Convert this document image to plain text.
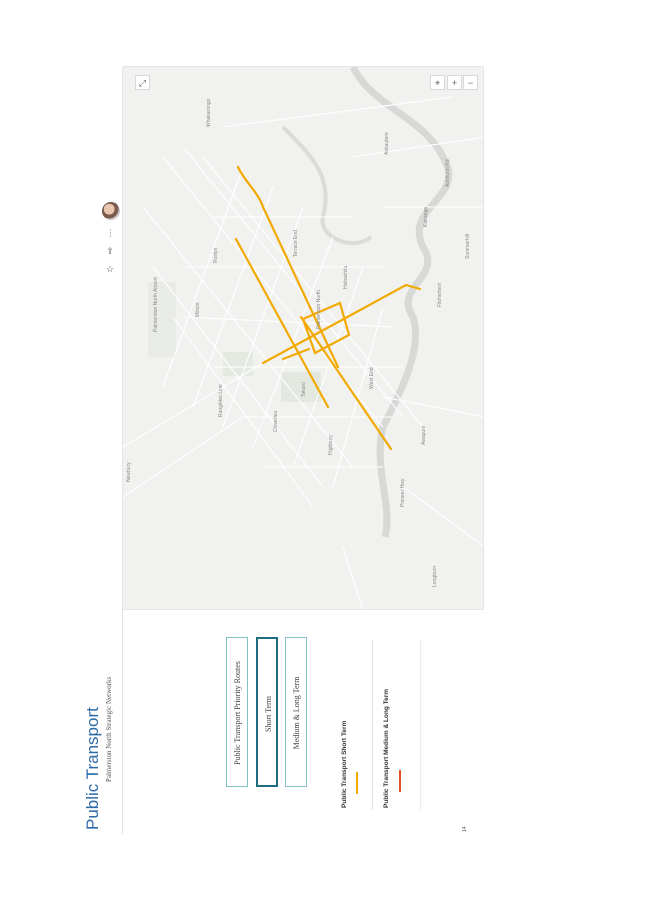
Public Transport Palmerston North Strategic Networks
☆
⇪
···
Whakarongo
Ashhurst Rd
Kairanga
Roslyn	Terrace End
Hokowhitu
Milson
Palmerston North Airport	Palmerston North
Rangitikei Line	Takaro
West End
Cloverlea
Highbury	Awapuni
Newbury
Fitzherbert
Summerhill
Aokautere
Longburn
Pioneer Hwy
⤢	⌖	+	−
Public Transport Priority Routes	Short Term	Medium & Long Term
Public Transport Short Term	Public Transport Medium & Long Term
14
